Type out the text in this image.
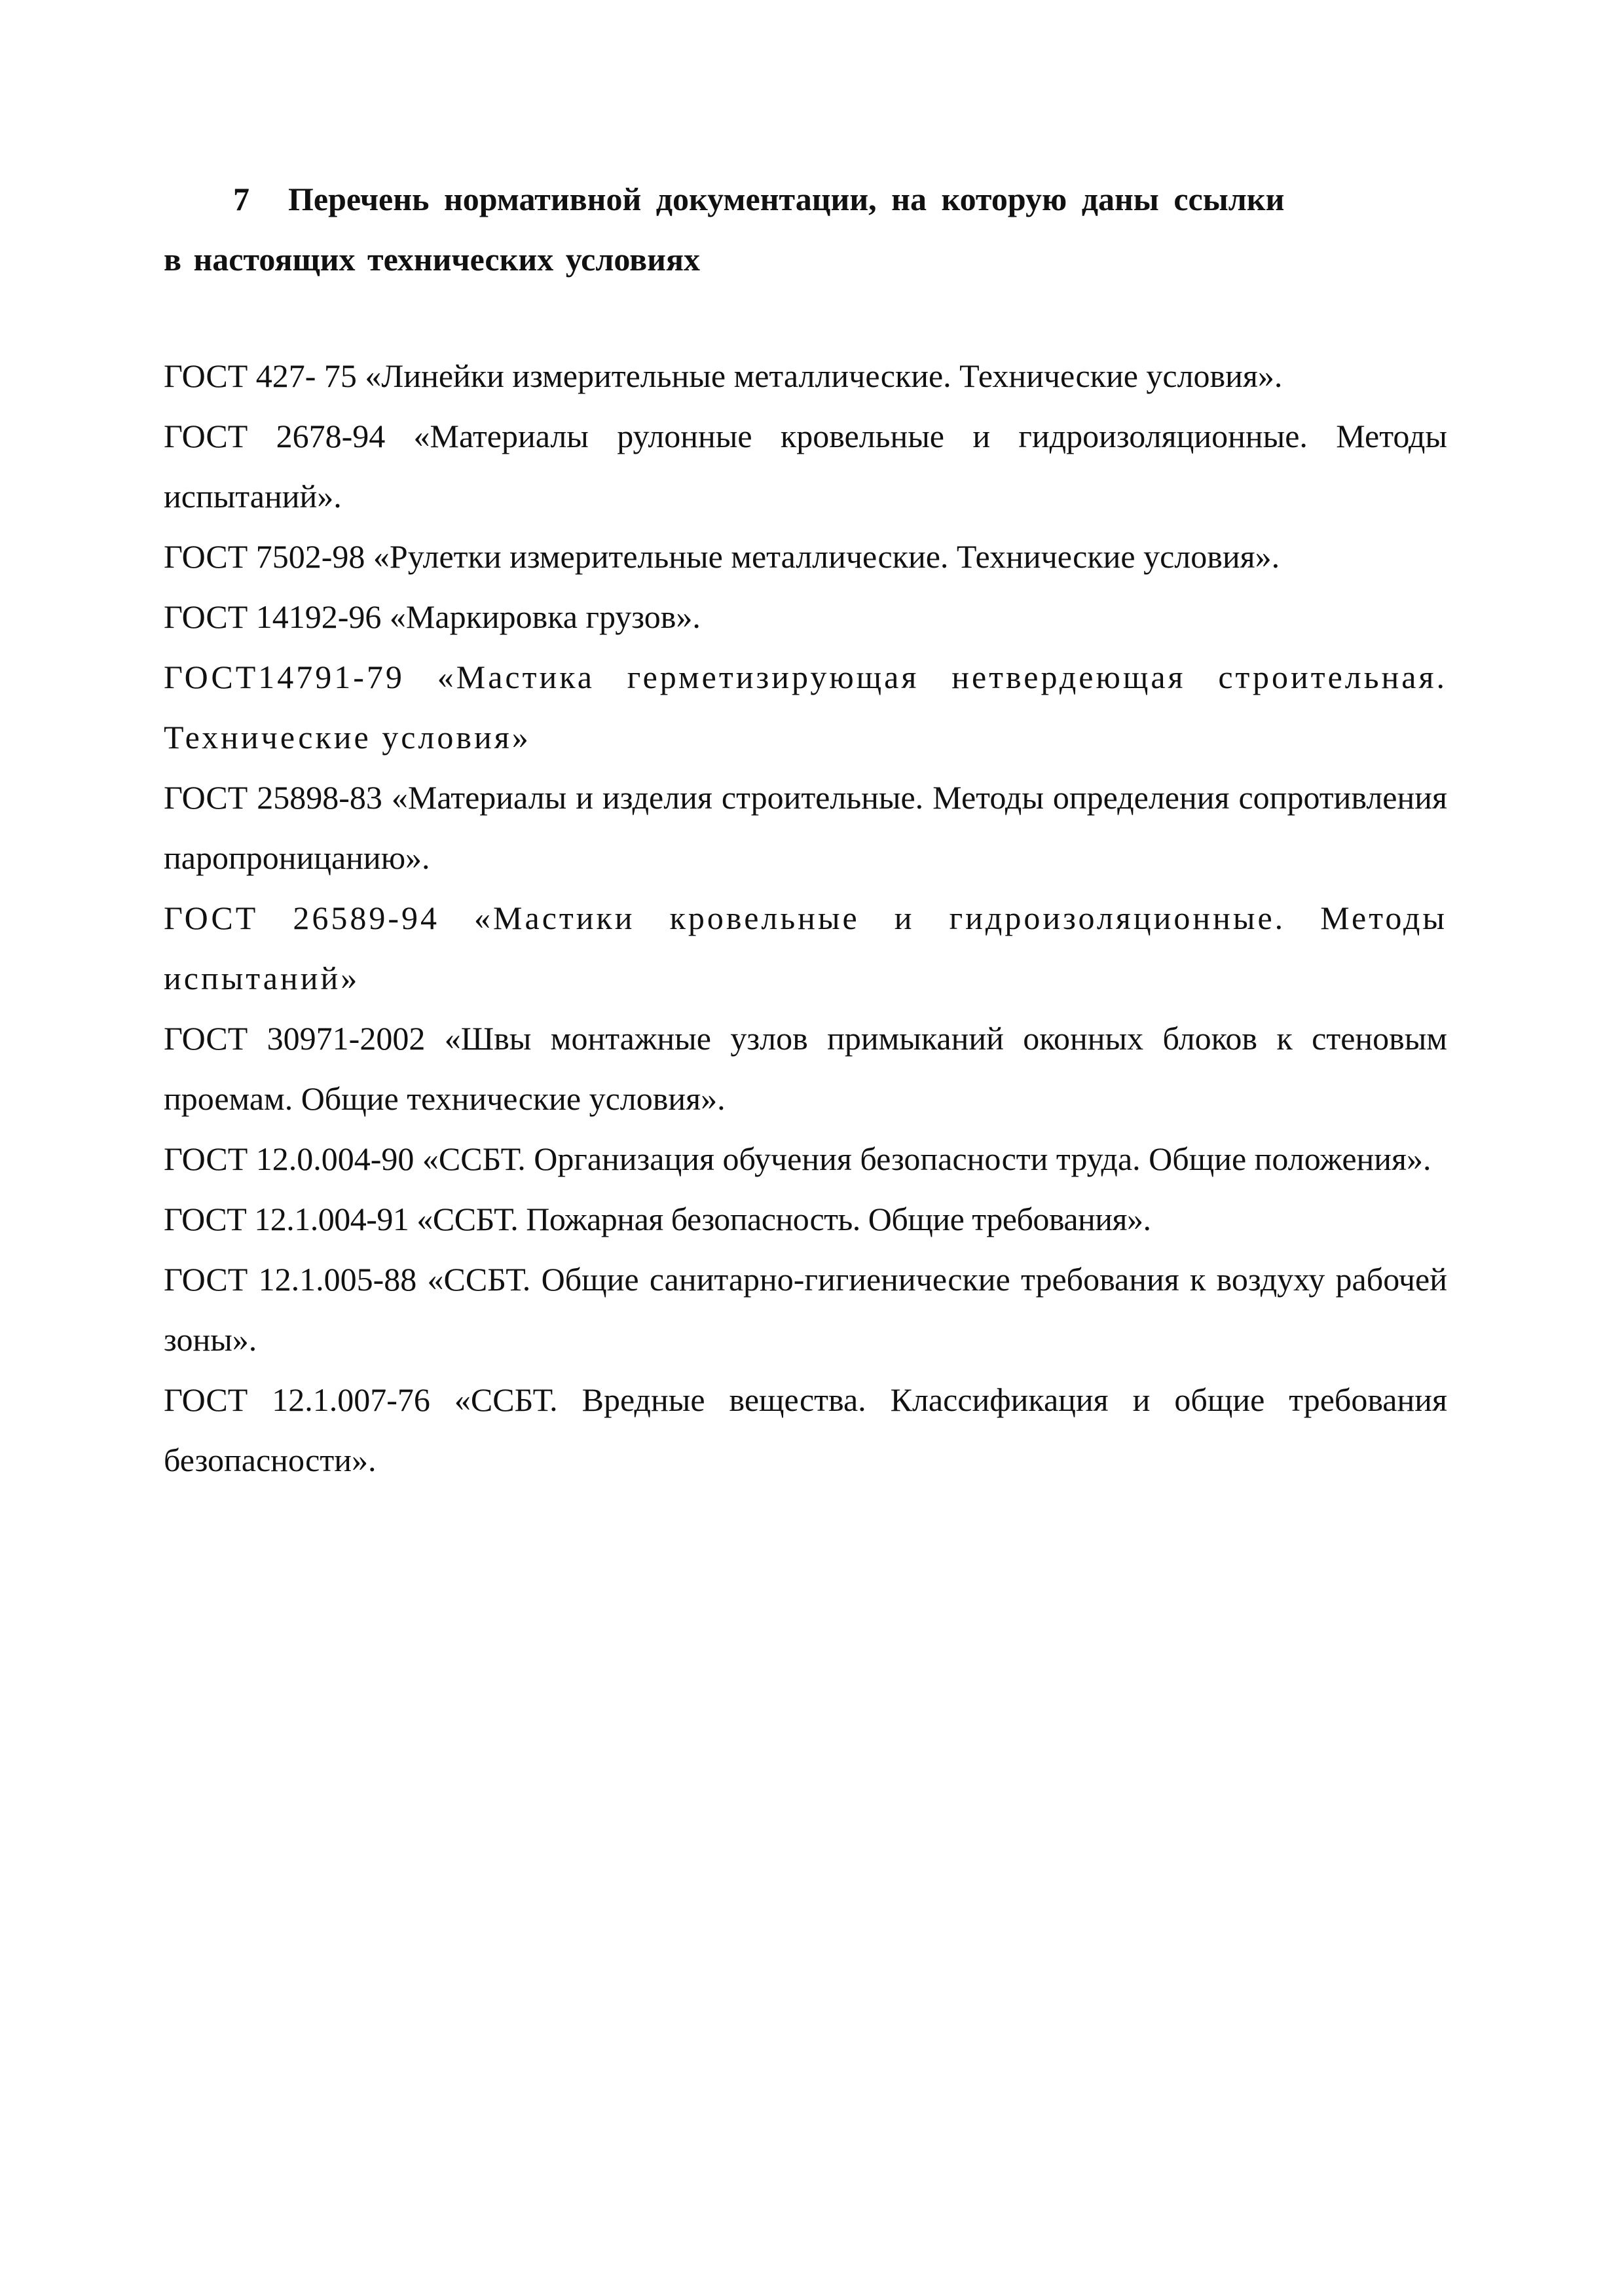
7 Перечень нормативной документации, на которую даны ссылки
в настоящих технических условиях

ГОСТ 427- 75 «Линейки измерительные металлические. Технические условия».

ГОСТ 2678-94 «Материалы рулонные кровельные и гидроизоляционные. Методы испытаний».

ГОСТ 7502-98 «Рулетки измерительные металлические. Технические условия».

ГОСТ 14192-96 «Маркировка грузов».

ГОСТ14791-79 «Мастика герметизирующая нетвердеющая строительная. Технические условия»

ГОСТ 25898-83 «Материалы и изделия строительные. Методы определения сопротивления паропроницанию».

ГОСТ 26589-94 «Мастики кровельные и гидроизоляционные. Методы испытаний»

ГОСТ 30971-2002 «Швы монтажные узлов примыканий оконных блоков к стеновым проемам. Общие технические условия».

ГОСТ 12.0.004-90 «ССБТ. Организация обучения безопасности труда. Общие положения».

ГОСТ 12.1.004-91 «ССБТ. Пожарная безопасность. Общие требования».

ГОСТ 12.1.005-88 «ССБТ. Общие санитарно-гигиенические требования к воздуху рабочей зоны».

ГОСТ 12.1.007-76 «ССБТ. Вредные вещества. Классификация и общие требования безопасности».
